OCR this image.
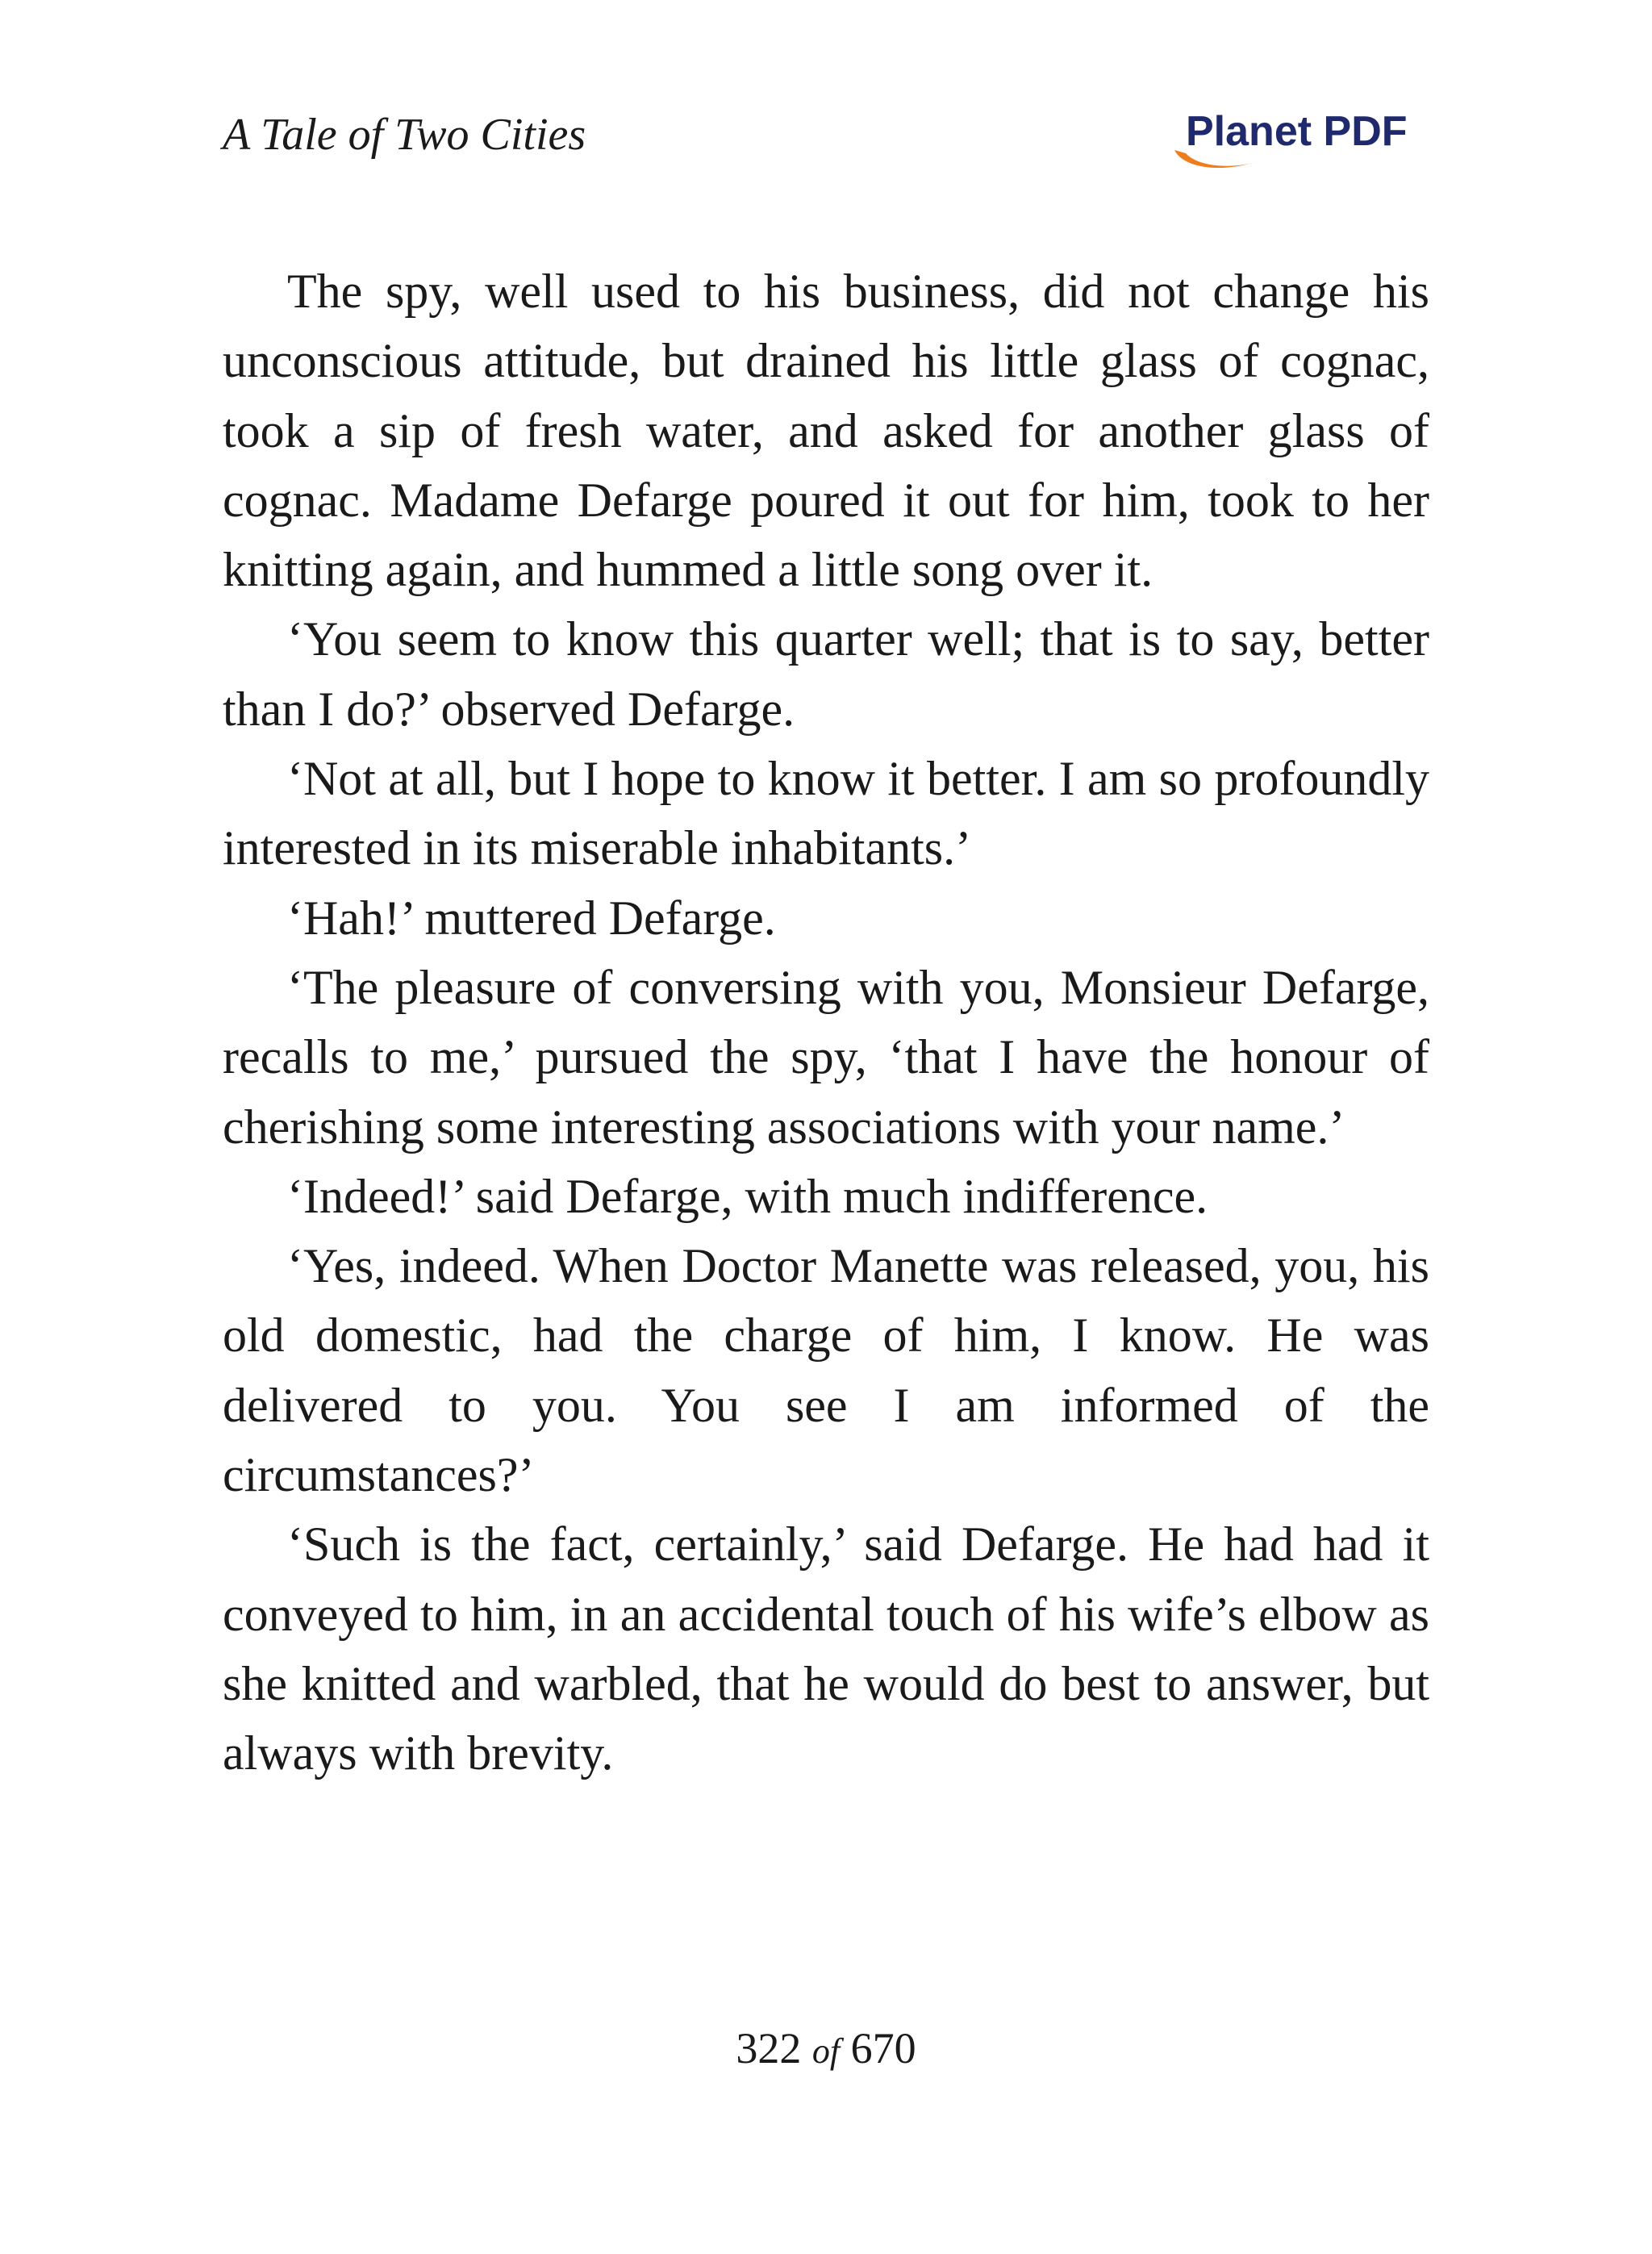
A Tale of Two Cities	Planet PDF

The spy, well used to his business, did not change his unconscious attitude, but drained his little glass of cognac, took a sip of fresh water, and asked for another glass of cognac. Madame Defarge poured it out for him, took to her knitting again, and hummed a little song over it.

‘You seem to know this quarter well; that is to say, better than I do?’ observed Defarge.

‘Not at all, but I hope to know it better. I am so profoundly interested in its miserable inhabitants.’

‘Hah!’ muttered Defarge.

‘The pleasure of conversing with you, Monsieur Defarge, recalls to me,’ pursued the spy, ‘that I have the honour of cherishing some interesting associations with your name.’

‘Indeed!’ said Defarge, with much indifference.

‘Yes, indeed. When Doctor Manette was released, you, his old domestic, had the charge of him, I know. He was delivered to you. You see I am informed of the circumstances?’

‘Such is the fact, certainly,’ said Defarge. He had had it conveyed to him, in an accidental touch of his wife’s elbow as she knitted and warbled, that he would do best to answer, but always with brevity.

322 of 670
